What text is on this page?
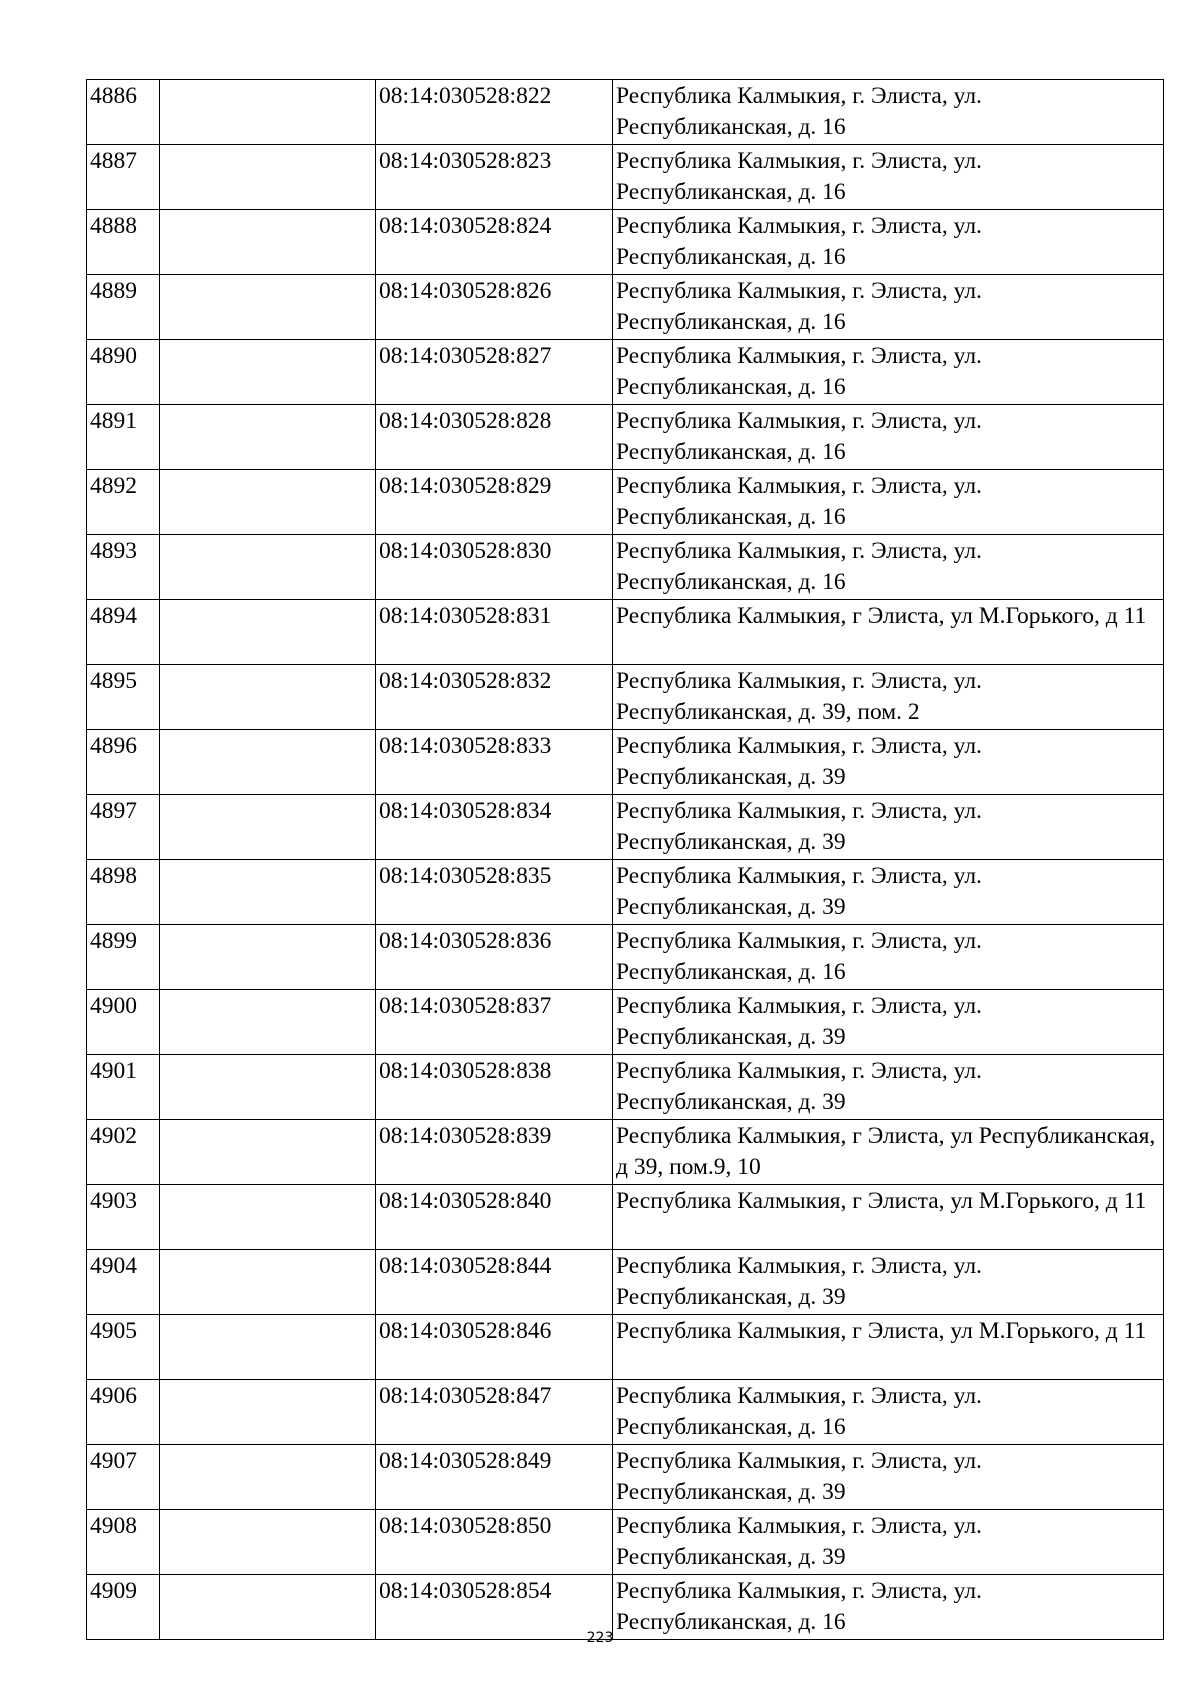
4886		08:14:030528:822	Республика Калмыкия, г. Элиста, ул. Республиканская, д. 16
4887		08:14:030528:823	Республика Калмыкия, г. Элиста, ул. Республиканская, д. 16
4888		08:14:030528:824	Республика Калмыкия, г. Элиста, ул. Республиканская, д. 16
4889		08:14:030528:826	Республика Калмыкия, г. Элиста, ул. Республиканская, д. 16
4890		08:14:030528:827	Республика Калмыкия, г. Элиста, ул. Республиканская, д. 16
4891		08:14:030528:828	Республика Калмыкия, г. Элиста, ул. Республиканская, д. 16
4892		08:14:030528:829	Республика Калмыкия, г. Элиста, ул. Республиканская, д. 16
4893		08:14:030528:830	Республика Калмыкия, г. Элиста, ул. Республиканская, д. 16
4894		08:14:030528:831	Республика Калмыкия, г Элиста, ул М.Горького, д 11
4895		08:14:030528:832	Республика Калмыкия, г. Элиста, ул. Республиканская, д. 39, пом. 2
4896		08:14:030528:833	Республика Калмыкия, г. Элиста, ул. Республиканская, д. 39
4897		08:14:030528:834	Республика Калмыкия, г. Элиста, ул. Республиканская, д. 39
4898		08:14:030528:835	Республика Калмыкия, г. Элиста, ул. Республиканская, д. 39
4899		08:14:030528:836	Республика Калмыкия, г. Элиста, ул. Республиканская, д. 16
4900		08:14:030528:837	Республика Калмыкия, г. Элиста, ул. Республиканская, д. 39
4901		08:14:030528:838	Республика Калмыкия, г. Элиста, ул. Республиканская, д. 39
4902		08:14:030528:839	Республика Калмыкия, г Элиста, ул Республиканская, д 39, пом.9, 10
4903		08:14:030528:840	Республика Калмыкия, г Элиста, ул М.Горького, д 11
4904		08:14:030528:844	Республика Калмыкия, г. Элиста, ул. Республиканская, д. 39
4905		08:14:030528:846	Республика Калмыкия, г Элиста, ул М.Горького, д 11
4906		08:14:030528:847	Республика Калмыкия, г. Элиста, ул. Республиканская, д. 16
4907		08:14:030528:849	Республика Калмыкия, г. Элиста, ул. Республиканская, д. 39
4908		08:14:030528:850	Республика Калмыкия, г. Элиста, ул. Республиканская, д. 39
4909		08:14:030528:854	Республика Калмыкия, г. Элиста, ул. Республиканская, д. 16
223
